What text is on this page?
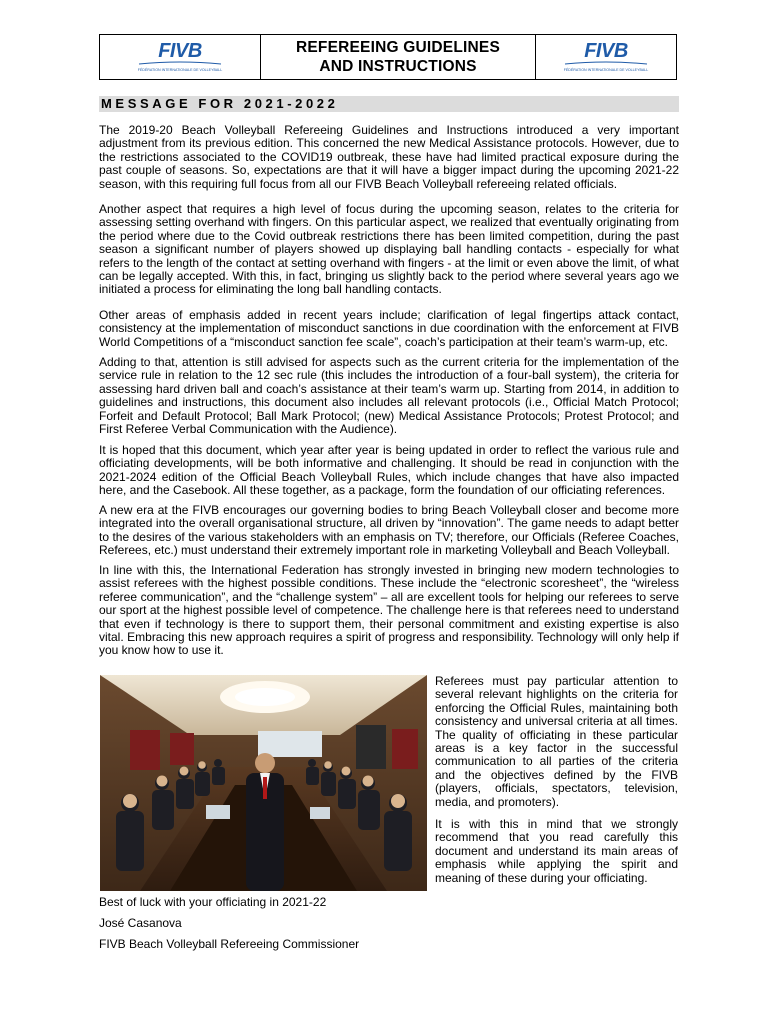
FIVB
FÉDÉRATION INTERNATIONALE DE VOLLEYBALL
REFEREEING GUIDELINES
AND INSTRUCTIONS
FIVB
FÉDÉRATION INTERNATIONALE DE VOLLEYBALL
MESSAGE FOR 2021-2022

The 2019-20 Beach Volleyball Refereeing Guidelines and Instructions introduced a very important adjustment from its previous edition. This concerned the new Medical Assistance protocols. However, due to the restrictions associated to the COVID19 outbreak, these have had limited practical exposure during the past couple of seasons. So, expectations are that it will have a bigger impact during the upcoming 2021-22 season, with this requiring full focus from all our FIVB Beach Volleyball refereeing related officials.

Another aspect that requires a high level of focus during the upcoming season, relates to the criteria for assessing setting overhand with fingers. On this particular aspect, we realized that eventually originating from the period where due to the Covid outbreak restrictions there has been limited competition, during the past season a significant number of players showed up displaying ball handling contacts - especially for what refers to the length of the contact at setting overhand with fingers - at the limit or even above the limit, of what can be legally accepted. With this, in fact, bringing us slightly back to the period where several years ago we initiated a process for eliminating the long ball handling contacts.

Other areas of emphasis added in recent years include; clarification of legal fingertips attack contact, consistency at the implementation of misconduct sanctions in due coordination with the enforcement at FIVB World Competitions of a “misconduct sanction fee scale”, coach’s participation at their team’s warm-up, etc.

Adding to that, attention is still advised for aspects such as the current criteria for the implementation of the service rule in relation to the 12 sec rule (this includes the introduction of a four-ball system), the criteria for assessing hard driven ball and coach’s assistance at their team’s warm up. Starting from 2014, in addition to guidelines and instructions, this document also includes all relevant protocols (i.e., Official Match Protocol; Forfeit and Default Protocol; Ball Mark Protocol; (new) Medical Assistance Protocols; Protest Protocol; and First Referee Verbal Communication with the Audience).

It is hoped that this document, which year after year is being updated in order to reflect the various rule and officiating developments, will be both informative and challenging. It should be read in conjunction with the 2021-2024 edition of the Official Beach Volleyball Rules, which include changes that have also impacted here, and the Casebook. All these together, as a package, form the foundation of our officiating references.

A new era at the FIVB encourages our governing bodies to bring Beach Volleyball closer and become more integrated into the overall organisational structure, all driven by “innovation”. The game needs to adapt better to the desires of the various stakeholders with an emphasis on TV; therefore, our Officials (Referee Coaches, Referees, etc.) must understand their extremely important role in marketing Volleyball and Beach Volleyball.

In line with this, the International Federation has strongly invested in bringing new modern technologies to assist referees with the highest possible conditions. These include the “electronic scoresheet”, the “wireless referee communication”, and the “challenge system” – all are excellent tools for helping our referees to serve our sport at the highest possible level of competence. The challenge here is that referees need to understand that even if technology is there to support them, their personal commitment and existing expertise is also vital. Embracing this new approach requires a spirit of progress and responsibility. Technology will only help if you know how to use it.

Referees must pay particular attention to several relevant highlights on the criteria for enforcing the Official Rules, maintaining both consistency and universal criteria at all times. The quality of officiating in these particular areas is a key factor in the successful communication to all parties of the criteria and the objectives defined by the FIVB (players, officials, spectators, television, media, and promoters).

It is with this in mind that we strongly recommend that you read carefully this document and understand its main areas of emphasis while applying the spirit and meaning of these during your officiating.

Best of luck with your officiating in 2021-22

José Casanova

FIVB Beach Volleyball Refereeing Commissioner
